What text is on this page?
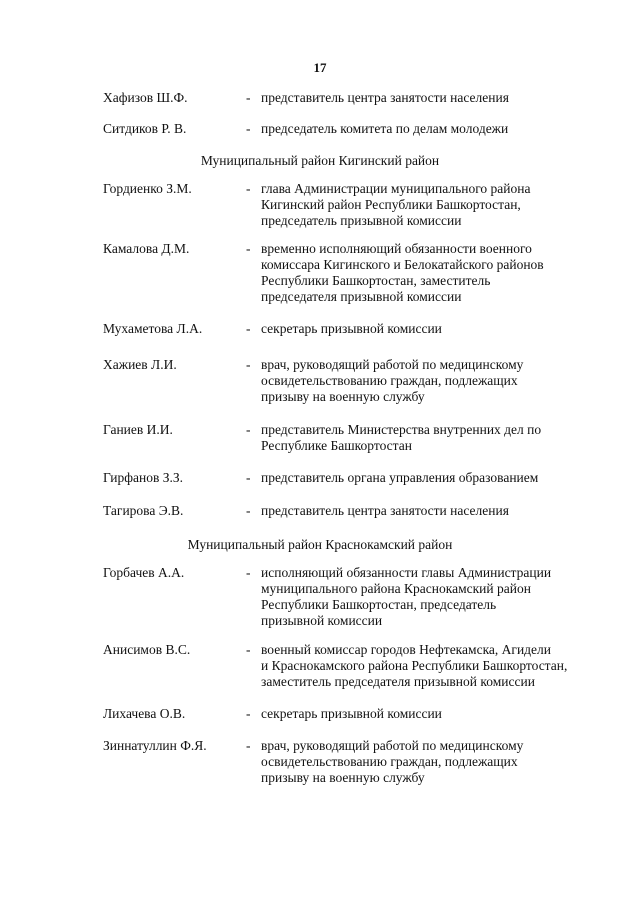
17
Хафизов Ш.Ф.	- представитель центра занятости населения
Ситдиков Р. В.	- председатель комитета по делам молодежи
Муниципальный район Кигинский район
Гордиенко З.М.	- глава Администрации муниципального района
Кигинский район Республики Башкортостан,
председатель призывной комиссии
Камалова Д.М.	- временно исполняющий обязанности военного
комиссара Кигинского и Белокатайского районов
Республики Башкортостан, заместитель
председателя призывной комиссии
Мухаметова Л.А.	- секретарь призывной комиссии
Хажиев Л.И.	- врач, руководящий работой по медицинскому
освидетельствованию граждан, подлежащих
призыву на военную службу
Ганиев И.И.	- представитель Министерства внутренних дел по
Республике Башкортостан
Гирфанов З.З.	- представитель органа управления образованием
Тагирова Э.В.	- представитель центра занятости населения
Муниципальный район Краснокамский район
Горбачев А.А.	- исполняющий обязанности главы Администрации
муниципального района Краснокамский район
Республики Башкортостан, председатель
призывной комиссии
Анисимов В.С.	- военный комиссар городов Нефтекамска, Агидели
и Краснокамского района Республики Башкортостан,
заместитель председателя призывной комиссии
Лихачева О.В.	- секретарь призывной комиссии
Зиннатуллин Ф.Я.	- врач, руководящий работой по медицинскому
освидетельствованию граждан, подлежащих
призыву на военную службу
